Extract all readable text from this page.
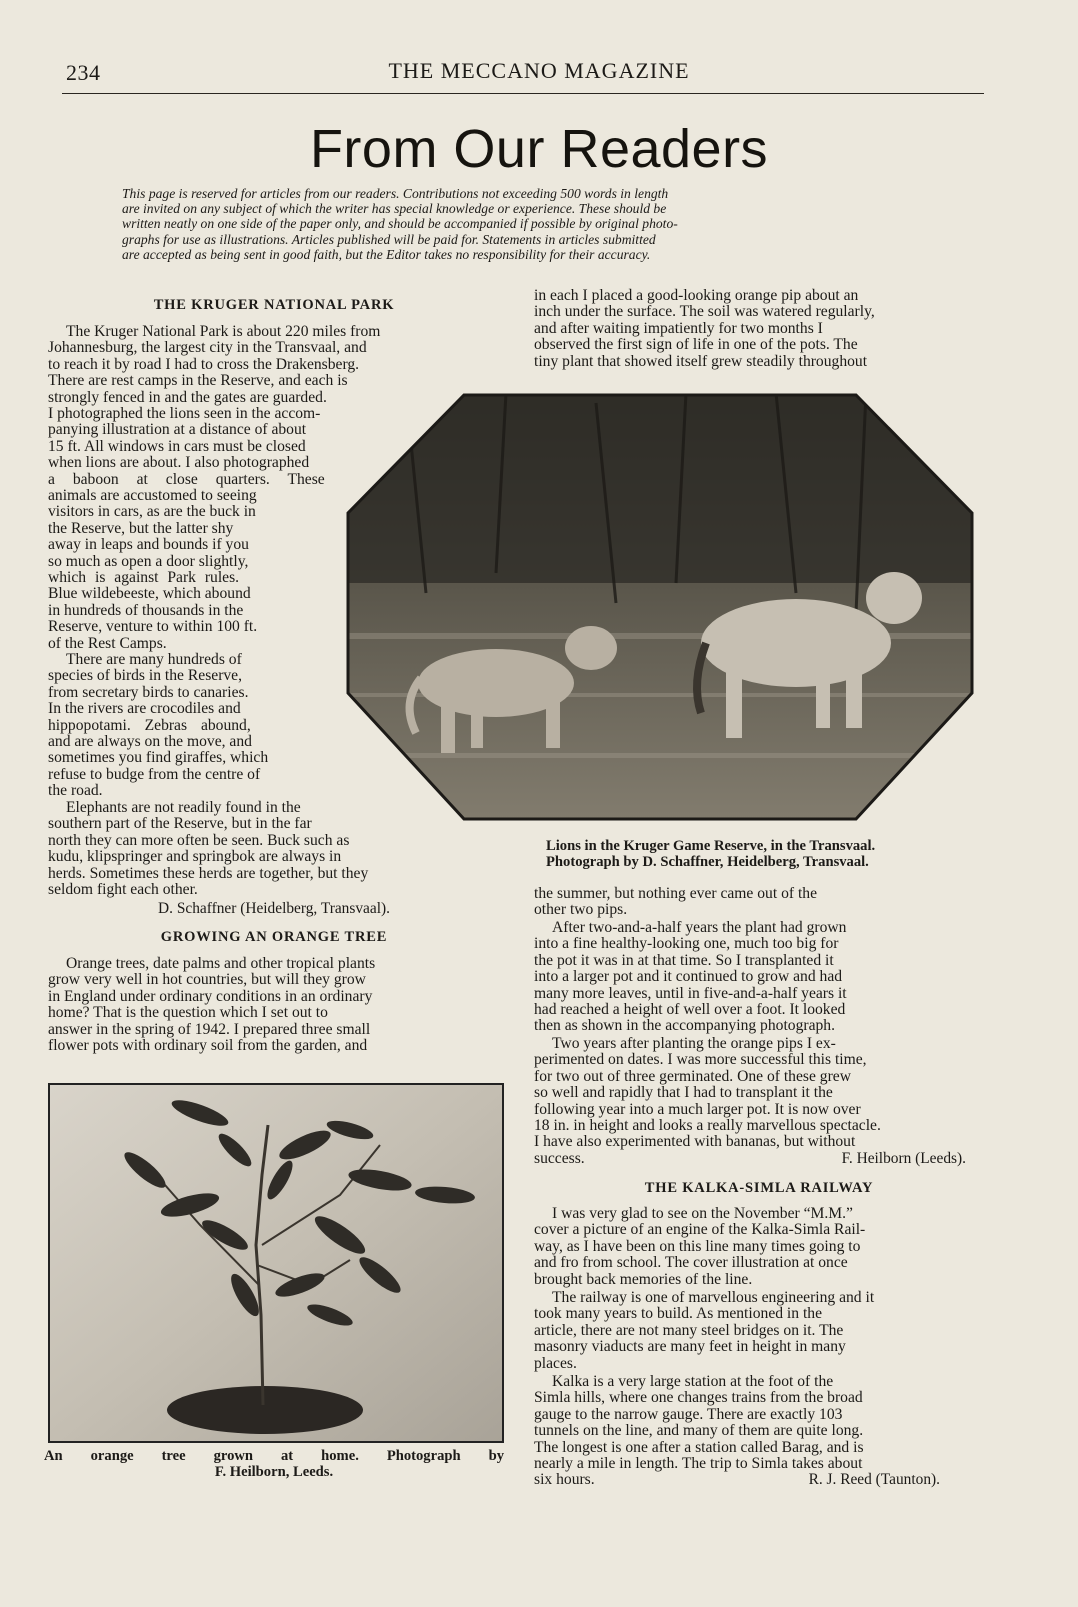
234	THE MECCANO MAGAZINE
From Our Readers
This page is reserved for articles from our readers. Contributions not exceeding 500 words in length
are invited on any subject of which the writer has special knowledge or experience. These should be
written neatly on one side of the paper only, and should be accompanied if possible by original photo-
graphs for use as illustrations. Articles published will be paid for. Statements in articles submitted
are accepted as being sent in good faith, but the Editor takes no responsibility for their accuracy.
THE KRUGER NATIONAL PARK
The Kruger National Park is about 220 miles from
Johannesburg, the largest city in the Transvaal, and
to reach it by road I had to cross the Drakensberg.
There are rest camps in the Reserve, and each is
strongly fenced in and the gates are guarded.
I photographed the lions seen in the accom-
panying illustration at a distance of about
15 ft. All windows in cars must be closed
when lions are about. I also photographed
a baboon at close quarters. These
animals are accustomed to seeing
visitors in cars, as are the buck in
the Reserve, but the latter shy
away in leaps and bounds if you
so much as open a door slightly,
which is against Park rules.
Blue wildebeeste, which abound
in hundreds of thousands in the
Reserve, venture to within 100 ft.
of the Rest Camps.
There are many hundreds of
species of birds in the Reserve,
from secretary birds to canaries.
In the rivers are crocodiles and
hippopotami. Zebras abound,
and are always on the move, and
sometimes you find giraffes, which
refuse to budge from the centre of
the road.
Elephants are not readily found in the
southern part of the Reserve, but in the far
north they can more often be seen. Buck such as
kudu, klipspringer and springbok are always in
herds. Sometimes these herds are together, but they
seldom fight each other.
D. Schaffner (Heidelberg, Transvaal).
GROWING AN ORANGE TREE
Orange trees, date palms and other tropical plants
grow very well in hot countries, but will they grow
in England under ordinary conditions in an ordinary
home? That is the question which I set out to
answer in the spring of 1942. I prepared three small
flower pots with ordinary soil from the garden, and
An orange tree grown at home. Photograph by
F. Heilborn, Leeds.
in each I placed a good-looking orange pip about an
inch under the surface. The soil was watered regularly,
and after waiting impatiently for two months I
observed the first sign of life in one of the pots. The
tiny plant that showed itself grew steadily throughout
Lions in the Kruger Game Reserve, in the Transvaal.
Photograph by D. Schaffner, Heidelberg, Transvaal.
the summer, but nothing ever came out of the
other two pips.
After two-and-a-half years the plant had grown
into a fine healthy-looking one, much too big for
the pot it was in at that time. So I transplanted it
into a larger pot and it continued to grow and had
many more leaves, until in five-and-a-half years it
had reached a height of well over a foot. It looked
then as shown in the accompanying photograph.
Two years after planting the orange pips I ex-
perimented on dates. I was more successful this time,
for two out of three germinated. One of these grew
so well and rapidly that I had to transplant it the
following year into a much larger pot. It is now over
18 in. in height and looks a really marvellous spectacle.
I have also experimented with bananas, but without
success.	F. Heilborn (Leeds).
THE KALKA-SIMLA RAILWAY
I was very glad to see on the November “M.M.”
cover a picture of an engine of the Kalka-Simla Rail-
way, as I have been on this line many times going to
and fro from school. The cover illustration at once
brought back memories of the line.
The railway is one of marvellous engineering and it
took many years to build. As mentioned in the
article, there are not many steel bridges on it. The
masonry viaducts are many feet in height in many
places.
Kalka is a very large station at the foot of the
Simla hills, where one changes trains from the broad
gauge to the narrow gauge. There are exactly 103
tunnels on the line, and many of them are quite long.
The longest is one after a station called Barag, and is
nearly a mile in length. The trip to Simla takes about
six hours.	R. J. Reed (Taunton).
